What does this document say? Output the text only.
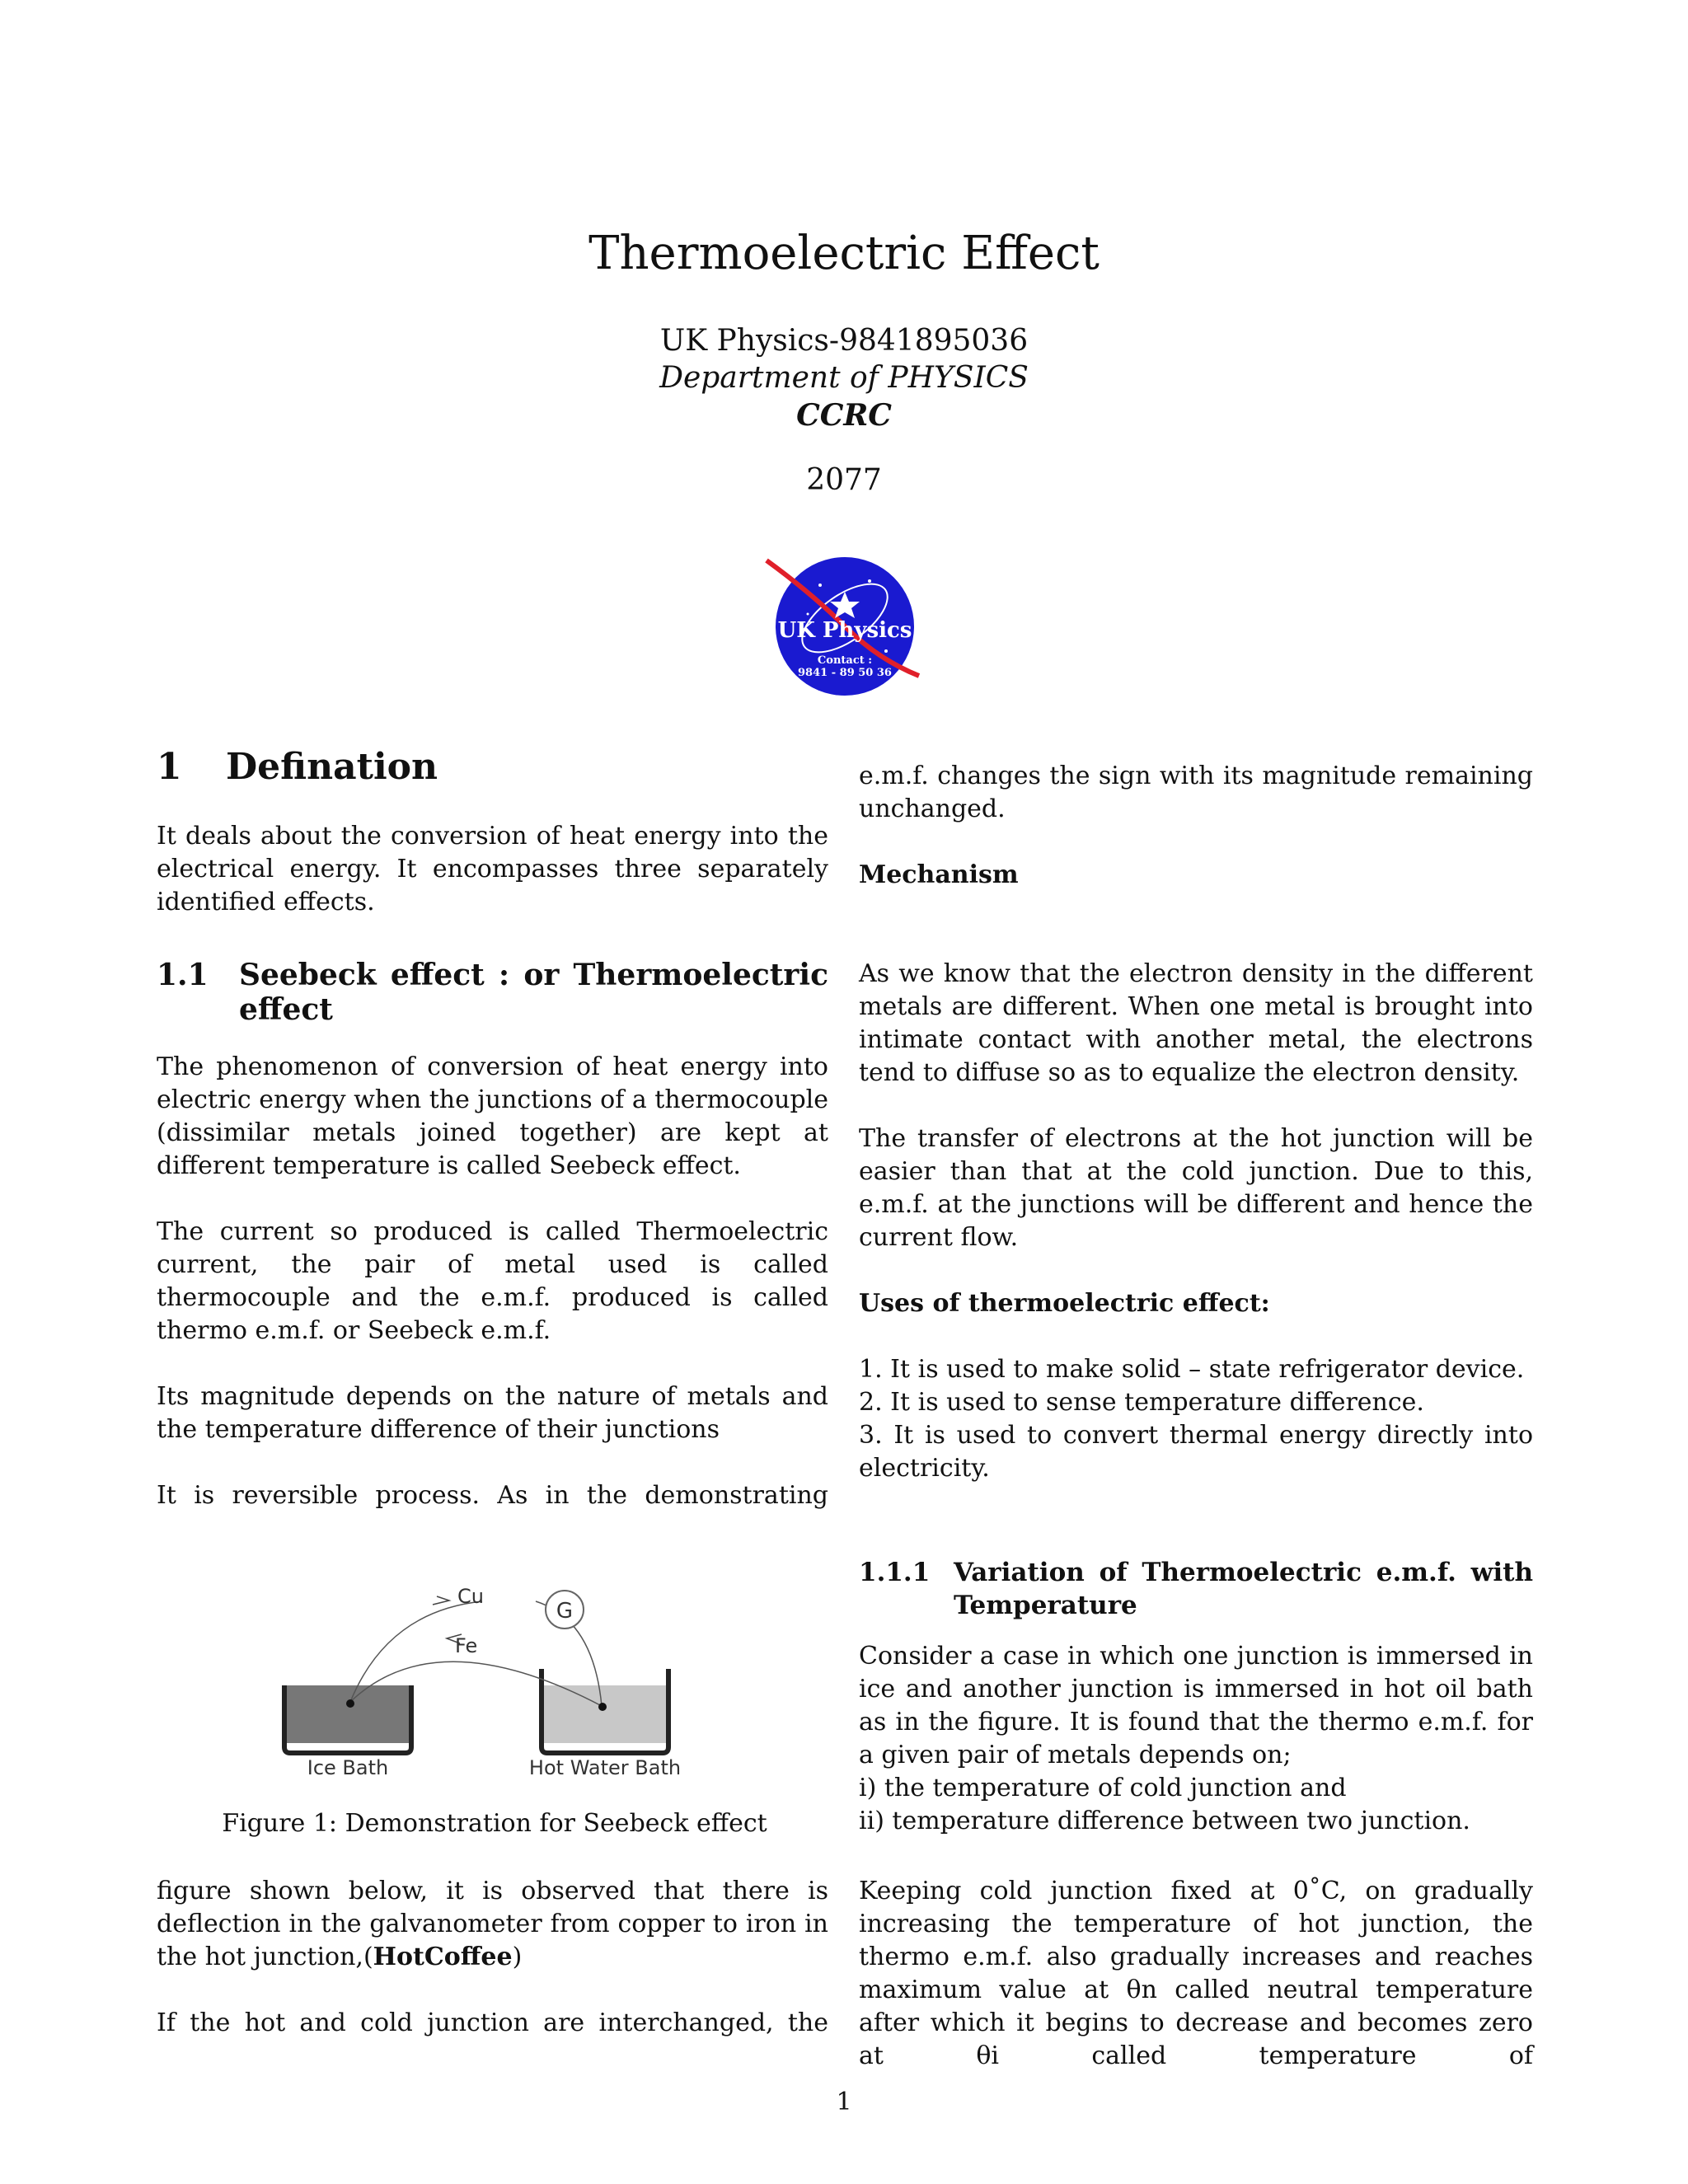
Thermoelectric Effect
UK Physics-9841895036
Department of PHYSICS
CCRC
2077
UK Physics
Contact :
9841 - 89 50 36
1 Defination
It deals about the conversion of heat energy into the electrical energy. It encompasses three separately identified effects.
1.1	Seebeck effect : or Thermoelectric effect
The phenomenon of conversion of heat energy into electric energy when the junctions of a thermocouple (dissimilar metals joined together) are kept at different temperature is called Seebeck effect.
The current so produced is called Thermoelectric current, the pair of metal used is called thermocouple and the e.m.f. produced is called thermo e.m.f. or Seebeck e.m.f.
Its magnitude depends on the nature of metals and the temperature difference of their junctions
It is reversible process. As in the demonstrating
G
Cu
Fe
Ice Bath	Hot Water Bath
Figure 1: Demonstration for Seebeck effect
figure shown below, it is observed that there is deflection in the galvanometer from copper to iron in the hot junction,(HotCoffee)
If the hot and cold junction are interchanged, the
e.m.f. changes the sign with its magnitude remaining unchanged.
Mechanism
As we know that the electron density in the different metals are different. When one metal is brought into intimate contact with another metal, the electrons tend to diffuse so as to equalize the electron density.
The transfer of electrons at the hot junction will be easier than that at the cold junction. Due to this, e.m.f. at the junctions will be different and hence the current flow.
Uses of thermoelectric effect:

1. It is used to make solid – state refrigerator device.

2. It is used to sense temperature difference.

3. It is used to convert thermal energy directly into electricity.

1.1.1 Variation of Thermoelectric e.m.f. with Temperature
Consider a case in which one junction is immersed in ice and another junction is immersed in hot oil bath as in the figure. It is found that the thermo e.m.f. for a given pair of metals depends on;
i) the temperature of cold junction and
ii) temperature difference between two junction.
Keeping cold junction fixed at 0˚C, on gradually increasing the temperature of hot junction, the thermo e.m.f. also gradually increases and reaches maximum value at θn called neutral temperature after which it begins to decrease and becomes zero at θi called temperature of
1
